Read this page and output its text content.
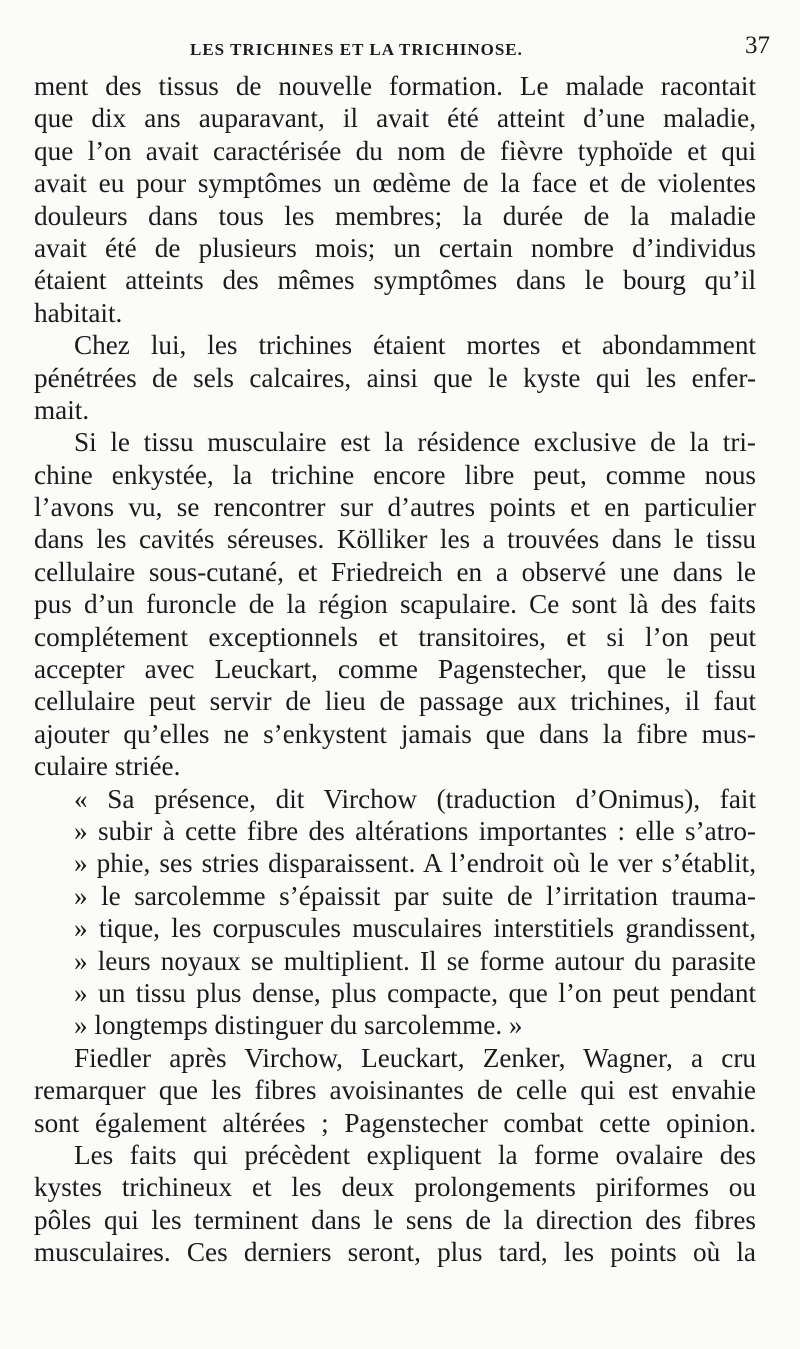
LES TRICHINES ET LA TRICHINOSE.	37
ment des tissus de nouvelle formation. Le malade racontait
que dix ans auparavant, il avait été atteint d’une maladie,
que l’on avait caractérisée du nom de fièvre typhoïde et qui
avait eu pour symptômes un œdème de la face et de violentes
douleurs dans tous les membres; la durée de la maladie
avait été de plusieurs mois; un certain nombre d’individus
étaient atteints des mêmes symptômes dans le bourg qu’il
habitait.
Chez lui, les trichines étaient mortes et abondamment
pénétrées de sels calcaires, ainsi que le kyste qui les enfer-
mait.
Si le tissu musculaire est la résidence exclusive de la tri-
chine enkystée, la trichine encore libre peut, comme nous
l’avons vu, se rencontrer sur d’autres points et en particulier
dans les cavités séreuses. Kölliker les a trouvées dans le tissu
cellulaire sous-cutané, et Friedreich en a observé une dans le
pus d’un furoncle de la région scapulaire. Ce sont là des faits
complétement exceptionnels et transitoires, et si l’on peut
accepter avec Leuckart, comme Pagenstecher, que le tissu
cellulaire peut servir de lieu de passage aux trichines, il faut
ajouter qu’elles ne s’enkystent jamais que dans la fibre mus-
culaire striée.
« Sa présence, dit Virchow (traduction d’Onimus), fait
» subir à cette fibre des altérations importantes : elle s’atro-
» phie, ses stries disparaissent. A l’endroit où le ver s’établit,
» le sarcolemme s’épaissit par suite de l’irritation trauma-
» tique, les corpuscules musculaires interstitiels grandissent,
» leurs noyaux se multiplient. Il se forme autour du parasite
» un tissu plus dense, plus compacte, que l’on peut pendant
» longtemps distinguer du sarcolemme. »
Fiedler après Virchow, Leuckart, Zenker, Wagner, a cru
remarquer que les fibres avoisinantes de celle qui est envahie
sont également altérées ; Pagenstecher combat cette opinion.
Les faits qui précèdent expliquent la forme ovalaire des
kystes trichineux et les deux prolongements piriformes ou
pôles qui les terminent dans le sens de la direction des fibres
musculaires. Ces derniers seront, plus tard, les points où la
